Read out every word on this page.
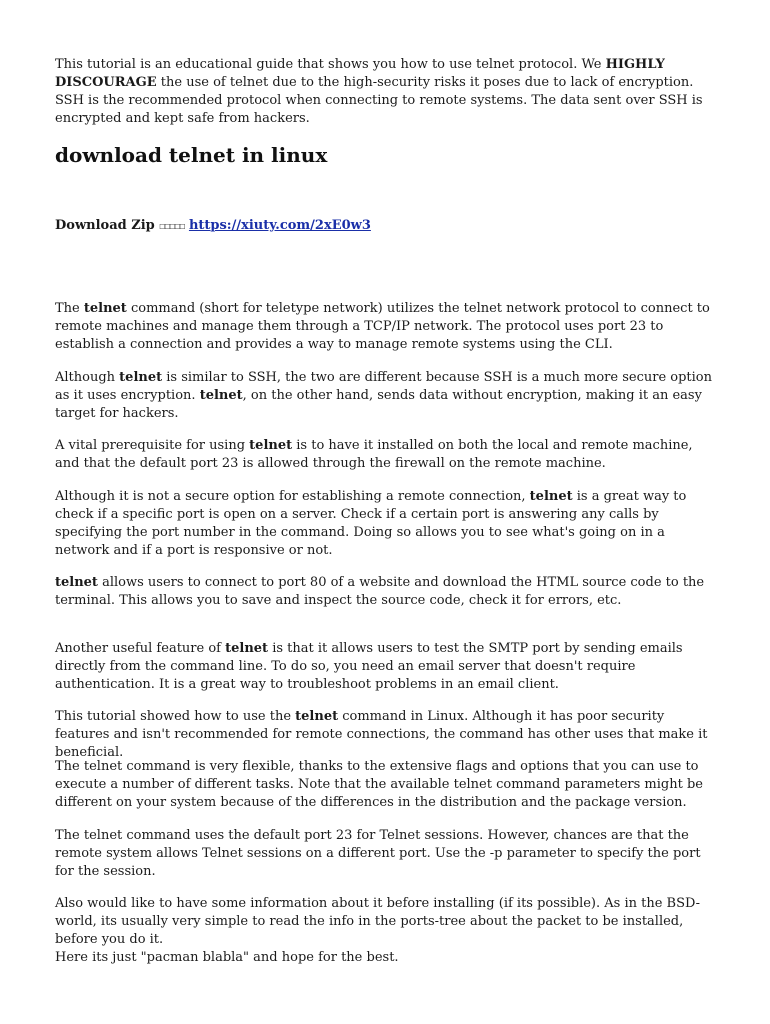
This tutorial is an educational guide that shows you how to use telnet protocol. We HIGHLY DISCOURAGE the use of telnet due to the high-security risks it poses due to lack of encryption. SSH is the recommended protocol when connecting to remote systems. The data sent over SSH is encrypted and kept safe from hackers.

download telnet in linux
Download Zip ☐☐☐☐☐ https://xiuty.com/2xE0w3

The telnet command (short for teletype network) utilizes the telnet network protocol to connect to remote machines and manage them through a TCP/IP network. The protocol uses port 23 to establish a connection and provides a way to manage remote systems using the CLI.

Although telnet is similar to SSH, the two are different because SSH is a much more secure option as it uses encryption. telnet, on the other hand, sends data without encryption, making it an easy target for hackers.

A vital prerequisite for using telnet is to have it installed on both the local and remote machine, and that the default port 23 is allowed through the firewall on the remote machine.

Although it is not a secure option for establishing a remote connection, telnet is a great way to check if a specific port is open on a server. Check if a certain port is answering any calls by specifying the port number in the command. Doing so allows you to see what's going on in a network and if a port is responsive or not.

telnet allows users to connect to port 80 of a website and download the HTML source code to the terminal. This allows you to save and inspect the source code, check it for errors, etc.

Another useful feature of telnet is that it allows users to test the SMTP port by sending emails directly from the command line. To do so, you need an email server that doesn't require authentication. It is a great way to troubleshoot problems in an email client.

This tutorial showed how to use the telnet command in Linux. Although it has poor security features and isn't recommended for remote connections, the command has other uses that make it beneficial.

The telnet command is very flexible, thanks to the extensive flags and options that you can use to execute a number of different tasks. Note that the available telnet command parameters might be different on your system because of the differences in the distribution and the package version.

The telnet command uses the default port 23 for Telnet sessions. However, chances are that the remote system allows Telnet sessions on a different port. Use the -p parameter to specify the port for the session.

Also would like to have some information about it before installing (if its possible). As in the BSD-world, its usually very simple to read the info in the ports-tree about the packet to be installed, before you do it.

Here its just "pacman blabla" and hope for the best.
